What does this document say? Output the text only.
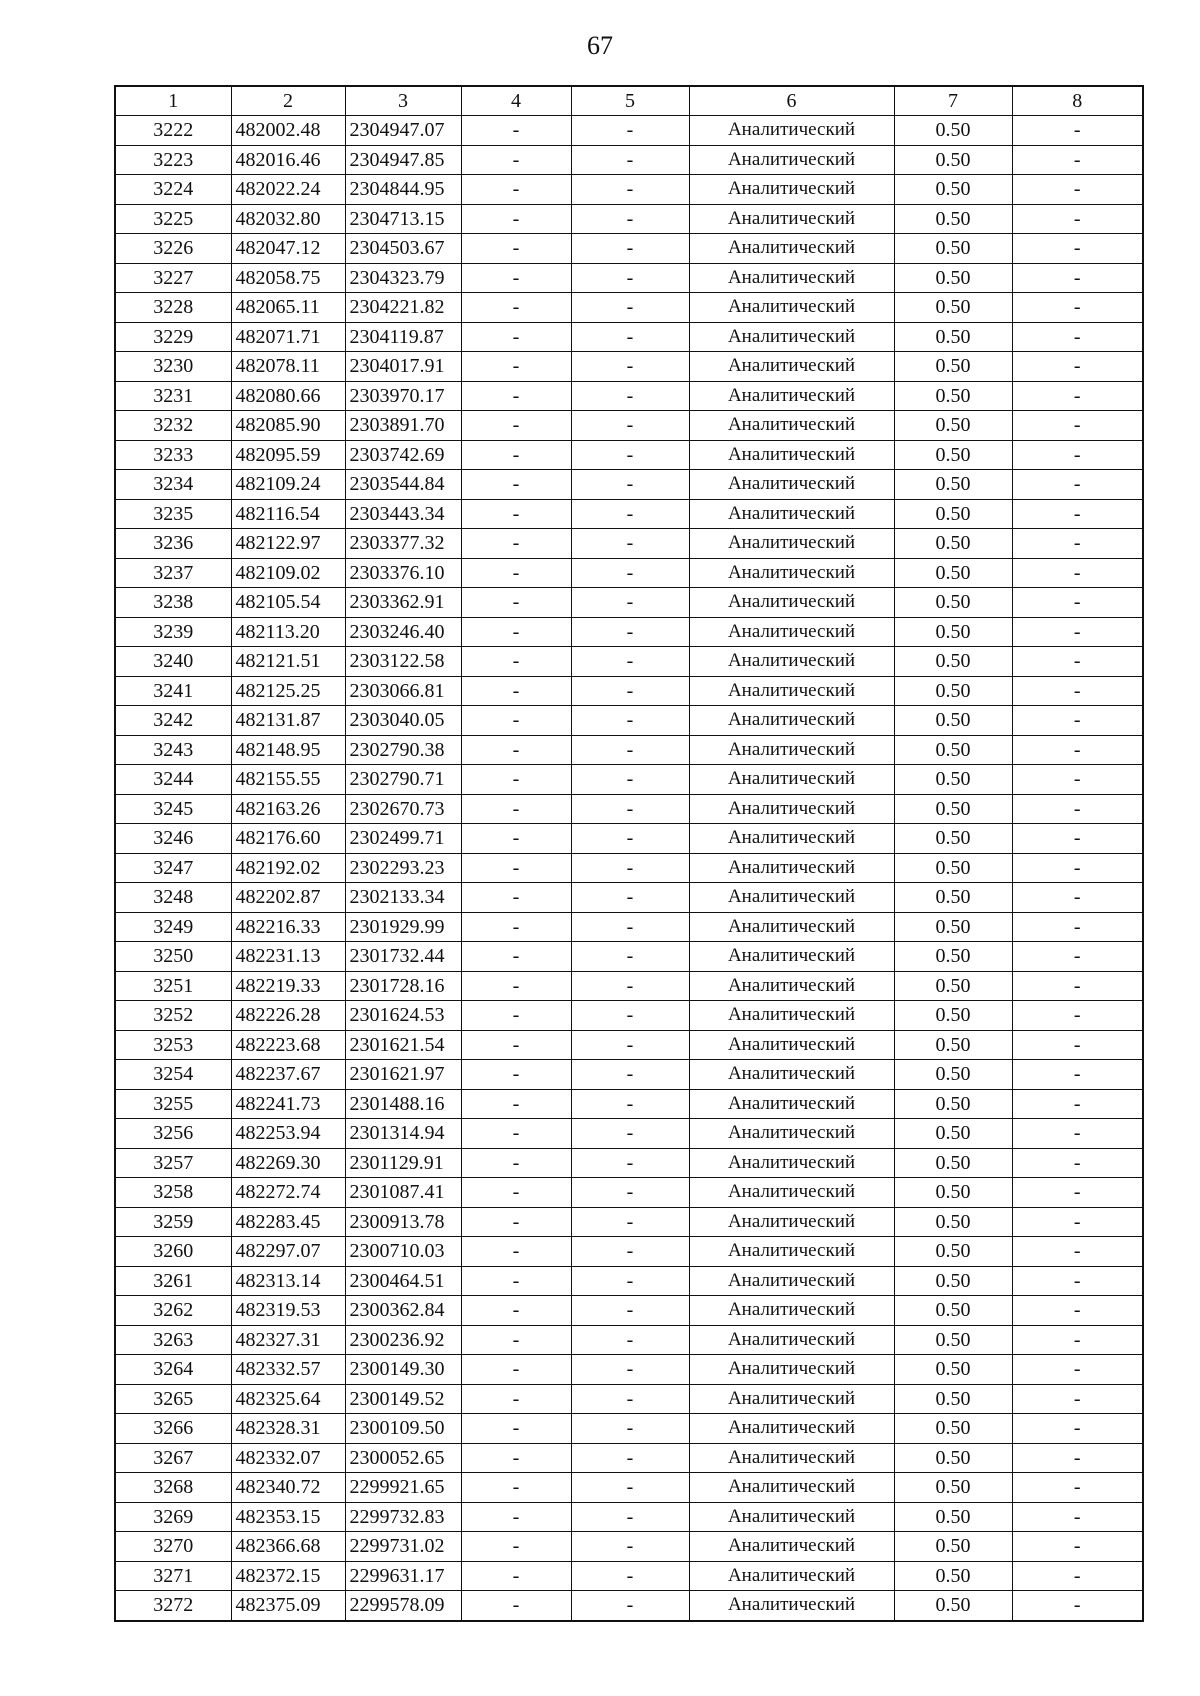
67
1	2	3	4	5	6	7	8
3222	482002.48	2304947.07	-	-	Аналитический	0.50	-
3223	482016.46	2304947.85	-	-	Аналитический	0.50	-
3224	482022.24	2304844.95	-	-	Аналитический	0.50	-
3225	482032.80	2304713.15	-	-	Аналитический	0.50	-
3226	482047.12	2304503.67	-	-	Аналитический	0.50	-
3227	482058.75	2304323.79	-	-	Аналитический	0.50	-
3228	482065.11	2304221.82	-	-	Аналитический	0.50	-
3229	482071.71	2304119.87	-	-	Аналитический	0.50	-
3230	482078.11	2304017.91	-	-	Аналитический	0.50	-
3231	482080.66	2303970.17	-	-	Аналитический	0.50	-
3232	482085.90	2303891.70	-	-	Аналитический	0.50	-
3233	482095.59	2303742.69	-	-	Аналитический	0.50	-
3234	482109.24	2303544.84	-	-	Аналитический	0.50	-
3235	482116.54	2303443.34	-	-	Аналитический	0.50	-
3236	482122.97	2303377.32	-	-	Аналитический	0.50	-
3237	482109.02	2303376.10	-	-	Аналитический	0.50	-
3238	482105.54	2303362.91	-	-	Аналитический	0.50	-
3239	482113.20	2303246.40	-	-	Аналитический	0.50	-
3240	482121.51	2303122.58	-	-	Аналитический	0.50	-
3241	482125.25	2303066.81	-	-	Аналитический	0.50	-
3242	482131.87	2303040.05	-	-	Аналитический	0.50	-
3243	482148.95	2302790.38	-	-	Аналитический	0.50	-
3244	482155.55	2302790.71	-	-	Аналитический	0.50	-
3245	482163.26	2302670.73	-	-	Аналитический	0.50	-
3246	482176.60	2302499.71	-	-	Аналитический	0.50	-
3247	482192.02	2302293.23	-	-	Аналитический	0.50	-
3248	482202.87	2302133.34	-	-	Аналитический	0.50	-
3249	482216.33	2301929.99	-	-	Аналитический	0.50	-
3250	482231.13	2301732.44	-	-	Аналитический	0.50	-
3251	482219.33	2301728.16	-	-	Аналитический	0.50	-
3252	482226.28	2301624.53	-	-	Аналитический	0.50	-
3253	482223.68	2301621.54	-	-	Аналитический	0.50	-
3254	482237.67	2301621.97	-	-	Аналитический	0.50	-
3255	482241.73	2301488.16	-	-	Аналитический	0.50	-
3256	482253.94	2301314.94	-	-	Аналитический	0.50	-
3257	482269.30	2301129.91	-	-	Аналитический	0.50	-
3258	482272.74	2301087.41	-	-	Аналитический	0.50	-
3259	482283.45	2300913.78	-	-	Аналитический	0.50	-
3260	482297.07	2300710.03	-	-	Аналитический	0.50	-
3261	482313.14	2300464.51	-	-	Аналитический	0.50	-
3262	482319.53	2300362.84	-	-	Аналитический	0.50	-
3263	482327.31	2300236.92	-	-	Аналитический	0.50	-
3264	482332.57	2300149.30	-	-	Аналитический	0.50	-
3265	482325.64	2300149.52	-	-	Аналитический	0.50	-
3266	482328.31	2300109.50	-	-	Аналитический	0.50	-
3267	482332.07	2300052.65	-	-	Аналитический	0.50	-
3268	482340.72	2299921.65	-	-	Аналитический	0.50	-
3269	482353.15	2299732.83	-	-	Аналитический	0.50	-
3270	482366.68	2299731.02	-	-	Аналитический	0.50	-
3271	482372.15	2299631.17	-	-	Аналитический	0.50	-
3272	482375.09	2299578.09	-	-	Аналитический	0.50	-
